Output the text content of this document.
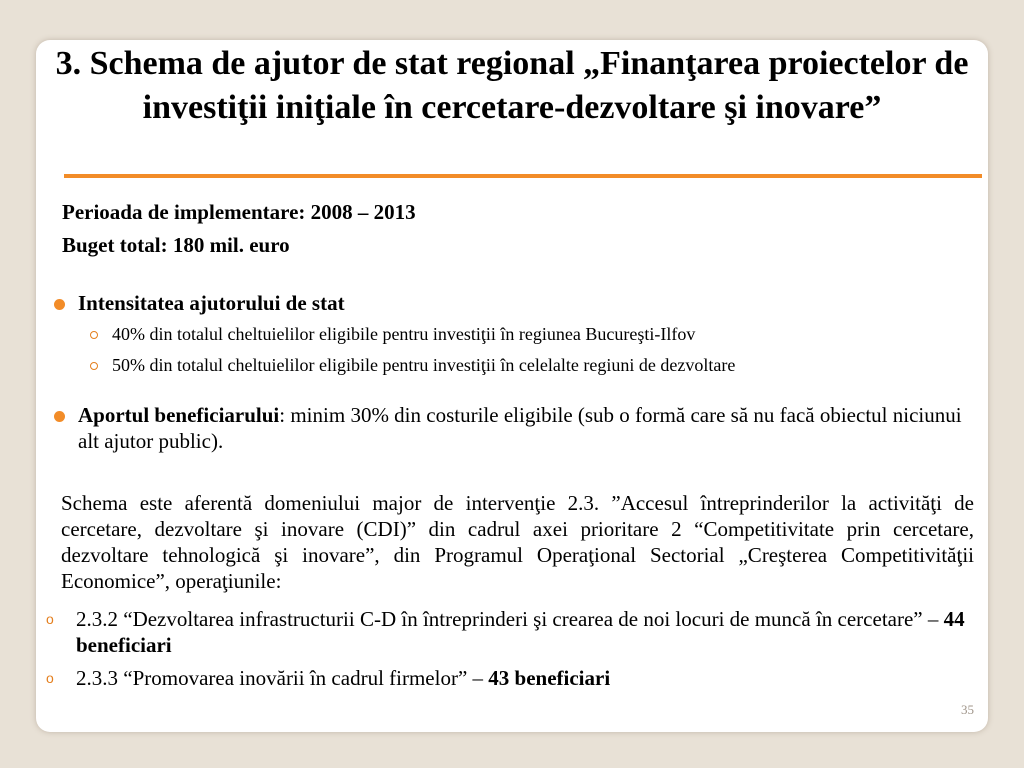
3. Schema de ajutor de stat regional „Finanţarea proiectelor de investiţii iniţiale în cercetare-dezvoltare şi inovare”
Perioada de implementare: 2008 – 2013
Buget total: 180 mil. euro
Intensitatea ajutorului de stat
40% din totalul cheltuielilor eligibile pentru investiţii în regiunea Bucureşti-Ilfov
50% din totalul cheltuielilor eligibile pentru investiţii în celelalte regiuni de dezvoltare
Aportul beneficiarului: minim 30% din costurile eligibile (sub o formă care să nu facă obiectul niciunui alt ajutor public).
Schema este aferentă domeniului major de intervenţie 2.3. ”Accesul întreprinderilor la activităţi de cercetare, dezvoltare şi inovare (CDI)” din cadrul axei prioritare 2 “Competitivitate prin cercetare, dezvoltare tehnologică şi inovare”, din Programul Operaţional Sectorial „Creşterea Competitivităţii Economice”, operaţiunile:
o 2.3.2 “Dezvoltarea infrastructurii C-D în întreprinderi şi crearea de noi locuri de muncă în cercetare” – 44 beneficiari
o 2.3.3 “Promovarea inovării în cadrul firmelor” – 43 beneficiari
35
